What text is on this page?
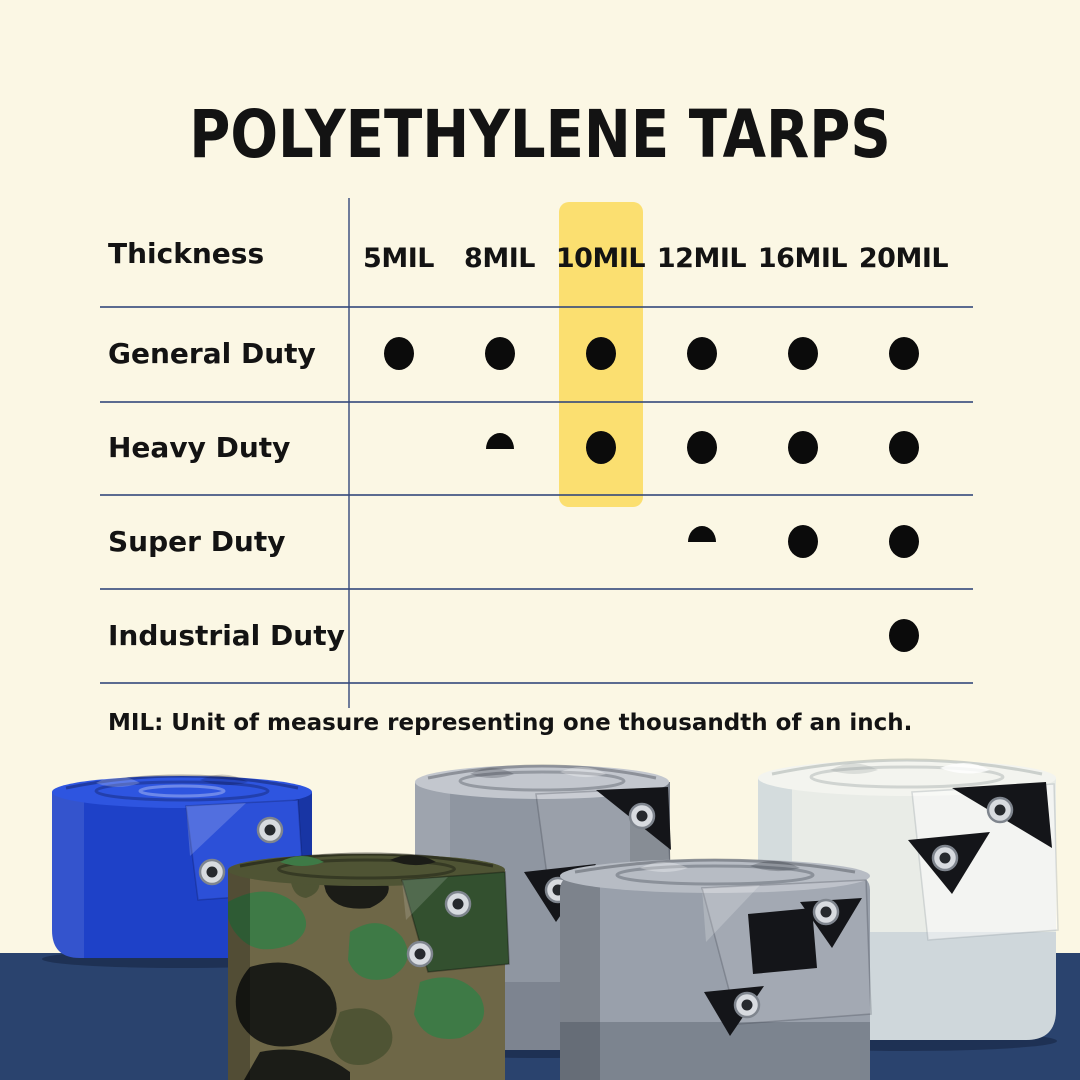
POLYETHYLENE TARPS
Thickness	5MIL	8MIL 10MIL 12MIL 16MIL 20MIL
General Duty
Heavy Duty
Super Duty
Industrial Duty

MIL: Unit of measure representing one thousandth of an inch.
